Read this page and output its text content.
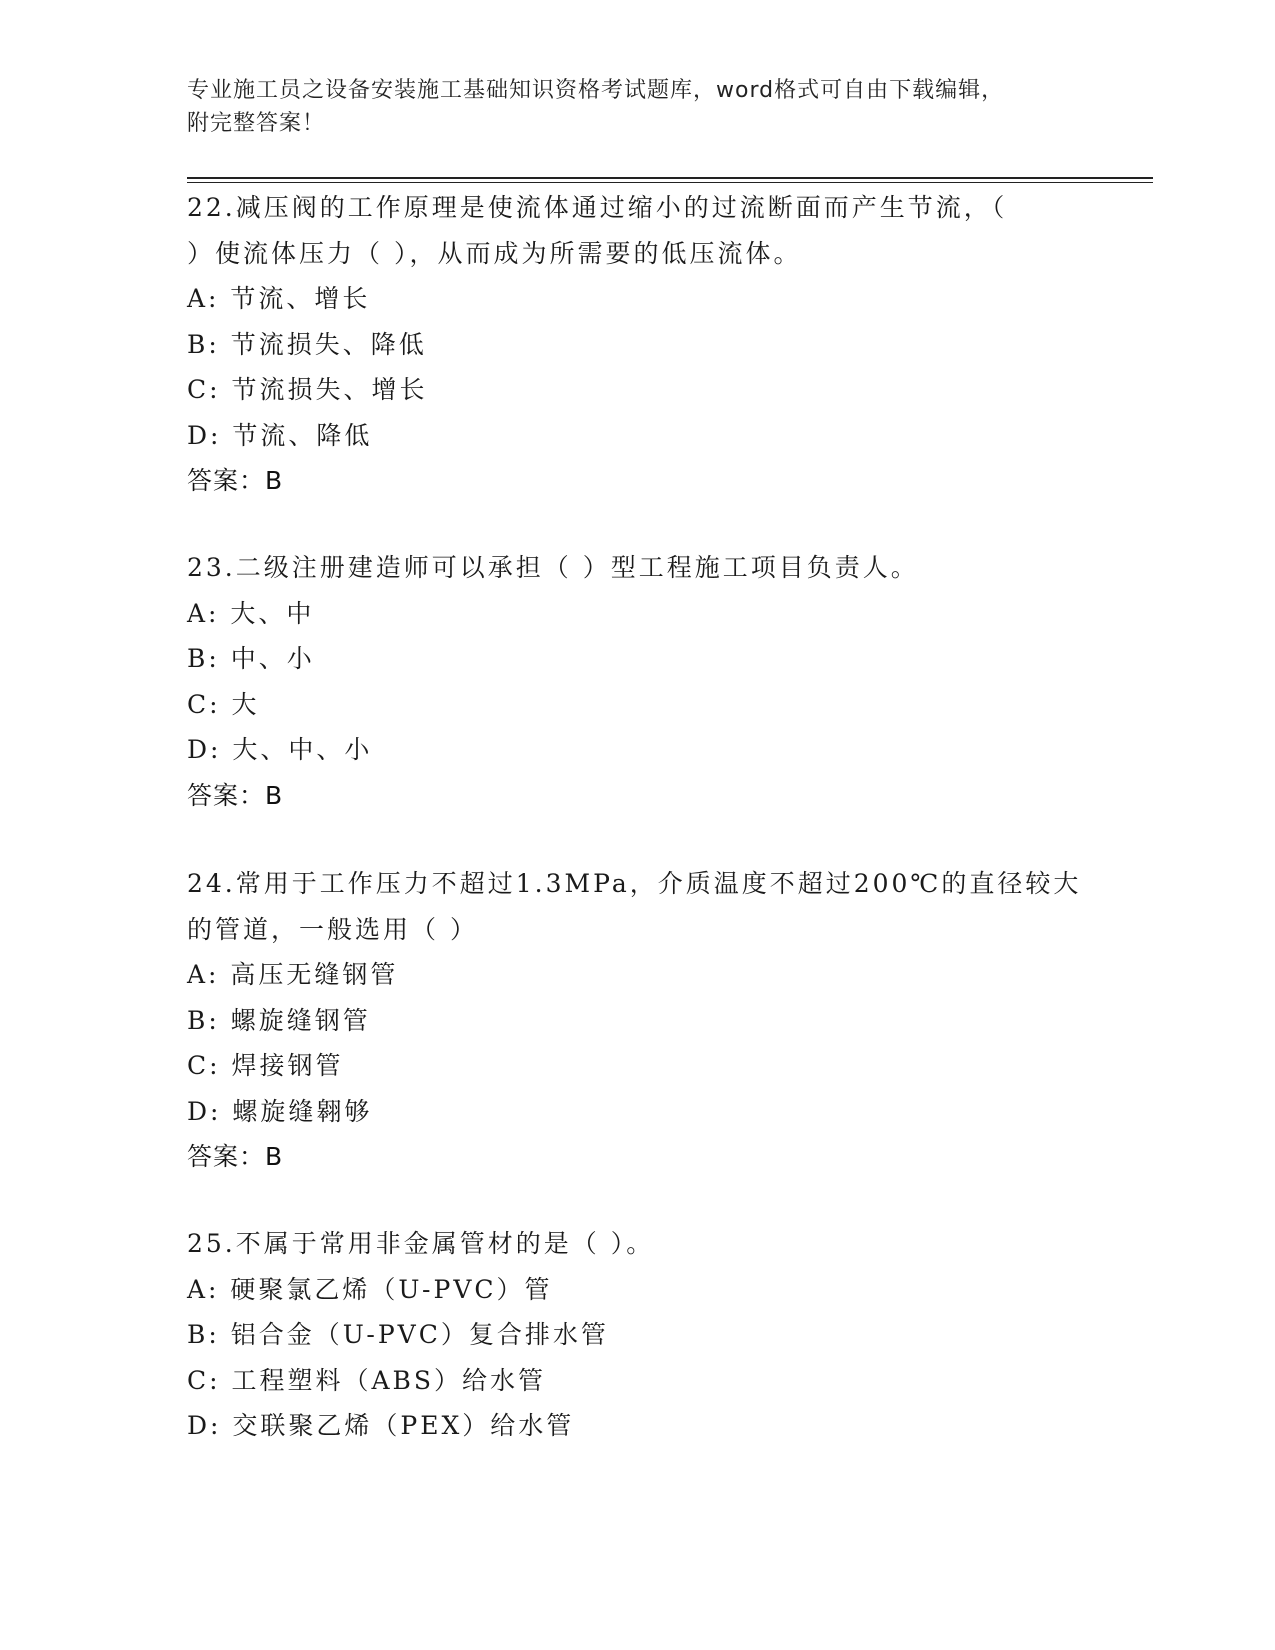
专业施工员之设备安装施工基础知识资格考试题库，word格式可自由下载编辑，
附完整答案！
22.减压阀的工作原理是使流体通过缩小的过流断面而产生节流，（
）使流体压力（ ），从而成为所需要的低压流体。
A: 节流、增长
B: 节流损失、降低
C: 节流损失、增长
D: 节流、降低
答案：B
23.二级注册建造师可以承担（ ）型工程施工项目负责人。
A: 大、中
B: 中、小
C: 大
D: 大、中、小
答案：B
24.常用于工作压力不超过1.3MPa，介质温度不超过200℃的直径较大
的管道，一般选用（ ）
A: 高压无缝钢管
B: 螺旋缝钢管
C: 焊接钢管
D: 螺旋缝翱够
答案：B
25.不属于常用非金属管材的是（ ）。
A: 硬聚氯乙烯（U-PVC）管
B: 铝合金（U-PVC）复合排水管
C: 工程塑料（ABS）给水管
D: 交联聚乙烯（PEX）给水管
